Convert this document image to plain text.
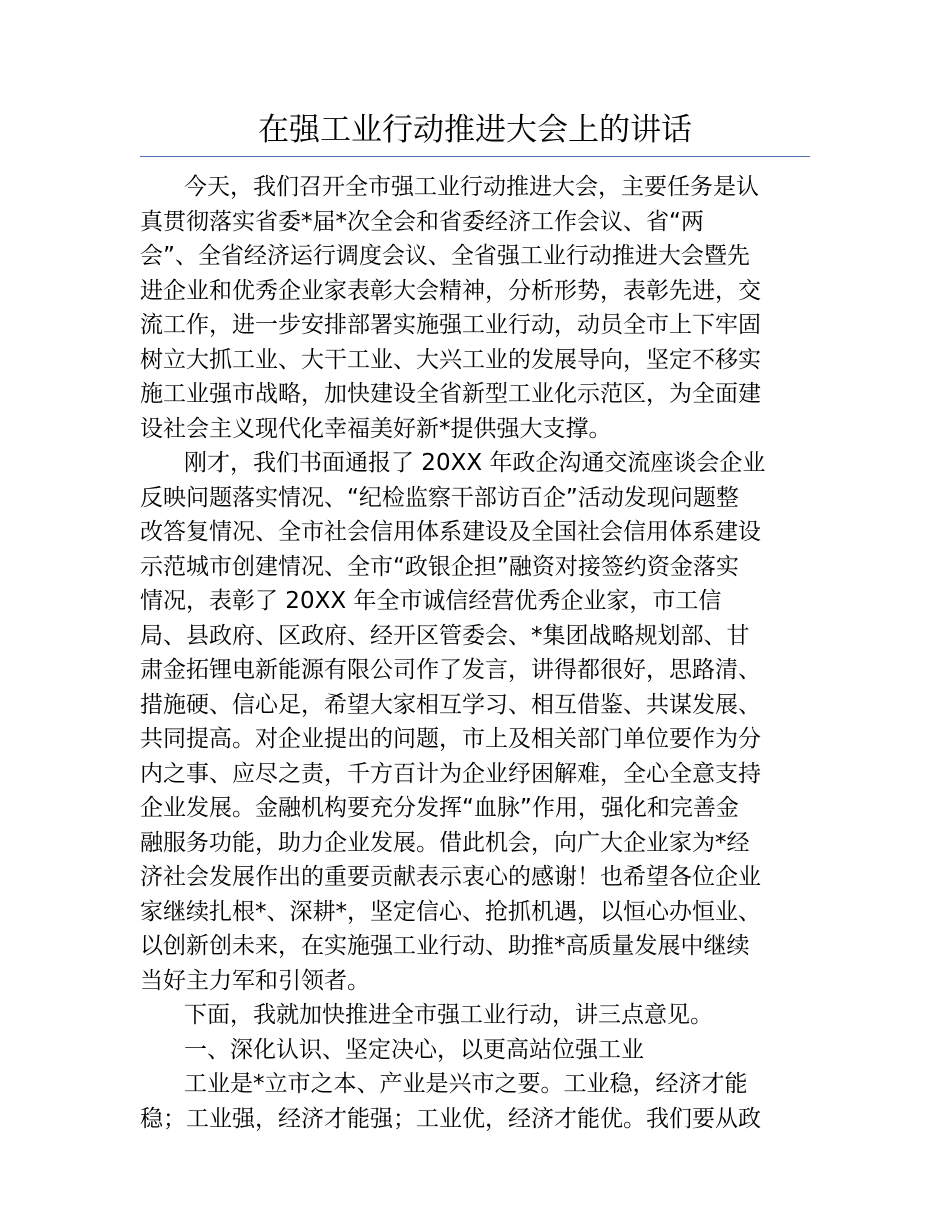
在强工业行动推进大会上的讲话
今天，我们召开全市强工业行动推进大会，主要任务是认
真贯彻落实省委*届*次全会和省委经济工作会议、省“两
会”、全省经济运行调度会议、全省强工业行动推进大会暨先
进企业和优秀企业家表彰大会精神，分析形势，表彰先进，交
流工作，进一步安排部署实施强工业行动，动员全市上下牢固
树立大抓工业、大干工业、大兴工业的发展导向，坚定不移实
施工业强市战略，加快建设全省新型工业化示范区，为全面建
设社会主义现代化幸福美好新*提供强大支撑。
刚才，我们书面通报了 20XX 年政企沟通交流座谈会企业
反映问题落实情况、“纪检监察干部访百企”活动发现问题整
改答复情况、全市社会信用体系建设及全国社会信用体系建设
示范城市创建情况、全市“政银企担”融资对接签约资金落实
情况，表彰了 20XX 年全市诚信经营优秀企业家，市工信
局、县政府、区政府、经开区管委会、*集团战略规划部、甘
肃金拓锂电新能源有限公司作了发言，讲得都很好，思路清、
措施硬、信心足，希望大家相互学习、相互借鉴、共谋发展、
共同提高。对企业提出的问题，市上及相关部门单位要作为分
内之事、应尽之责，千方百计为企业纾困解难，全心全意支持
企业发展。金融机构要充分发挥“血脉”作用，强化和完善金
融服务功能，助力企业发展。借此机会，向广大企业家为*经
济社会发展作出的重要贡献表示衷心的感谢！也希望各位企业
家继续扎根*、深耕*，坚定信心、抢抓机遇，以恒心办恒业、
以创新创未来，在实施强工业行动、助推*高质量发展中继续
当好主力军和引领者。
下面，我就加快推进全市强工业行动，讲三点意见。
一、深化认识、坚定决心，以更高站位强工业
工业是*立市之本、产业是兴市之要。工业稳，经济才能
稳；工业强，经济才能强；工业优，经济才能优。我们要从政
